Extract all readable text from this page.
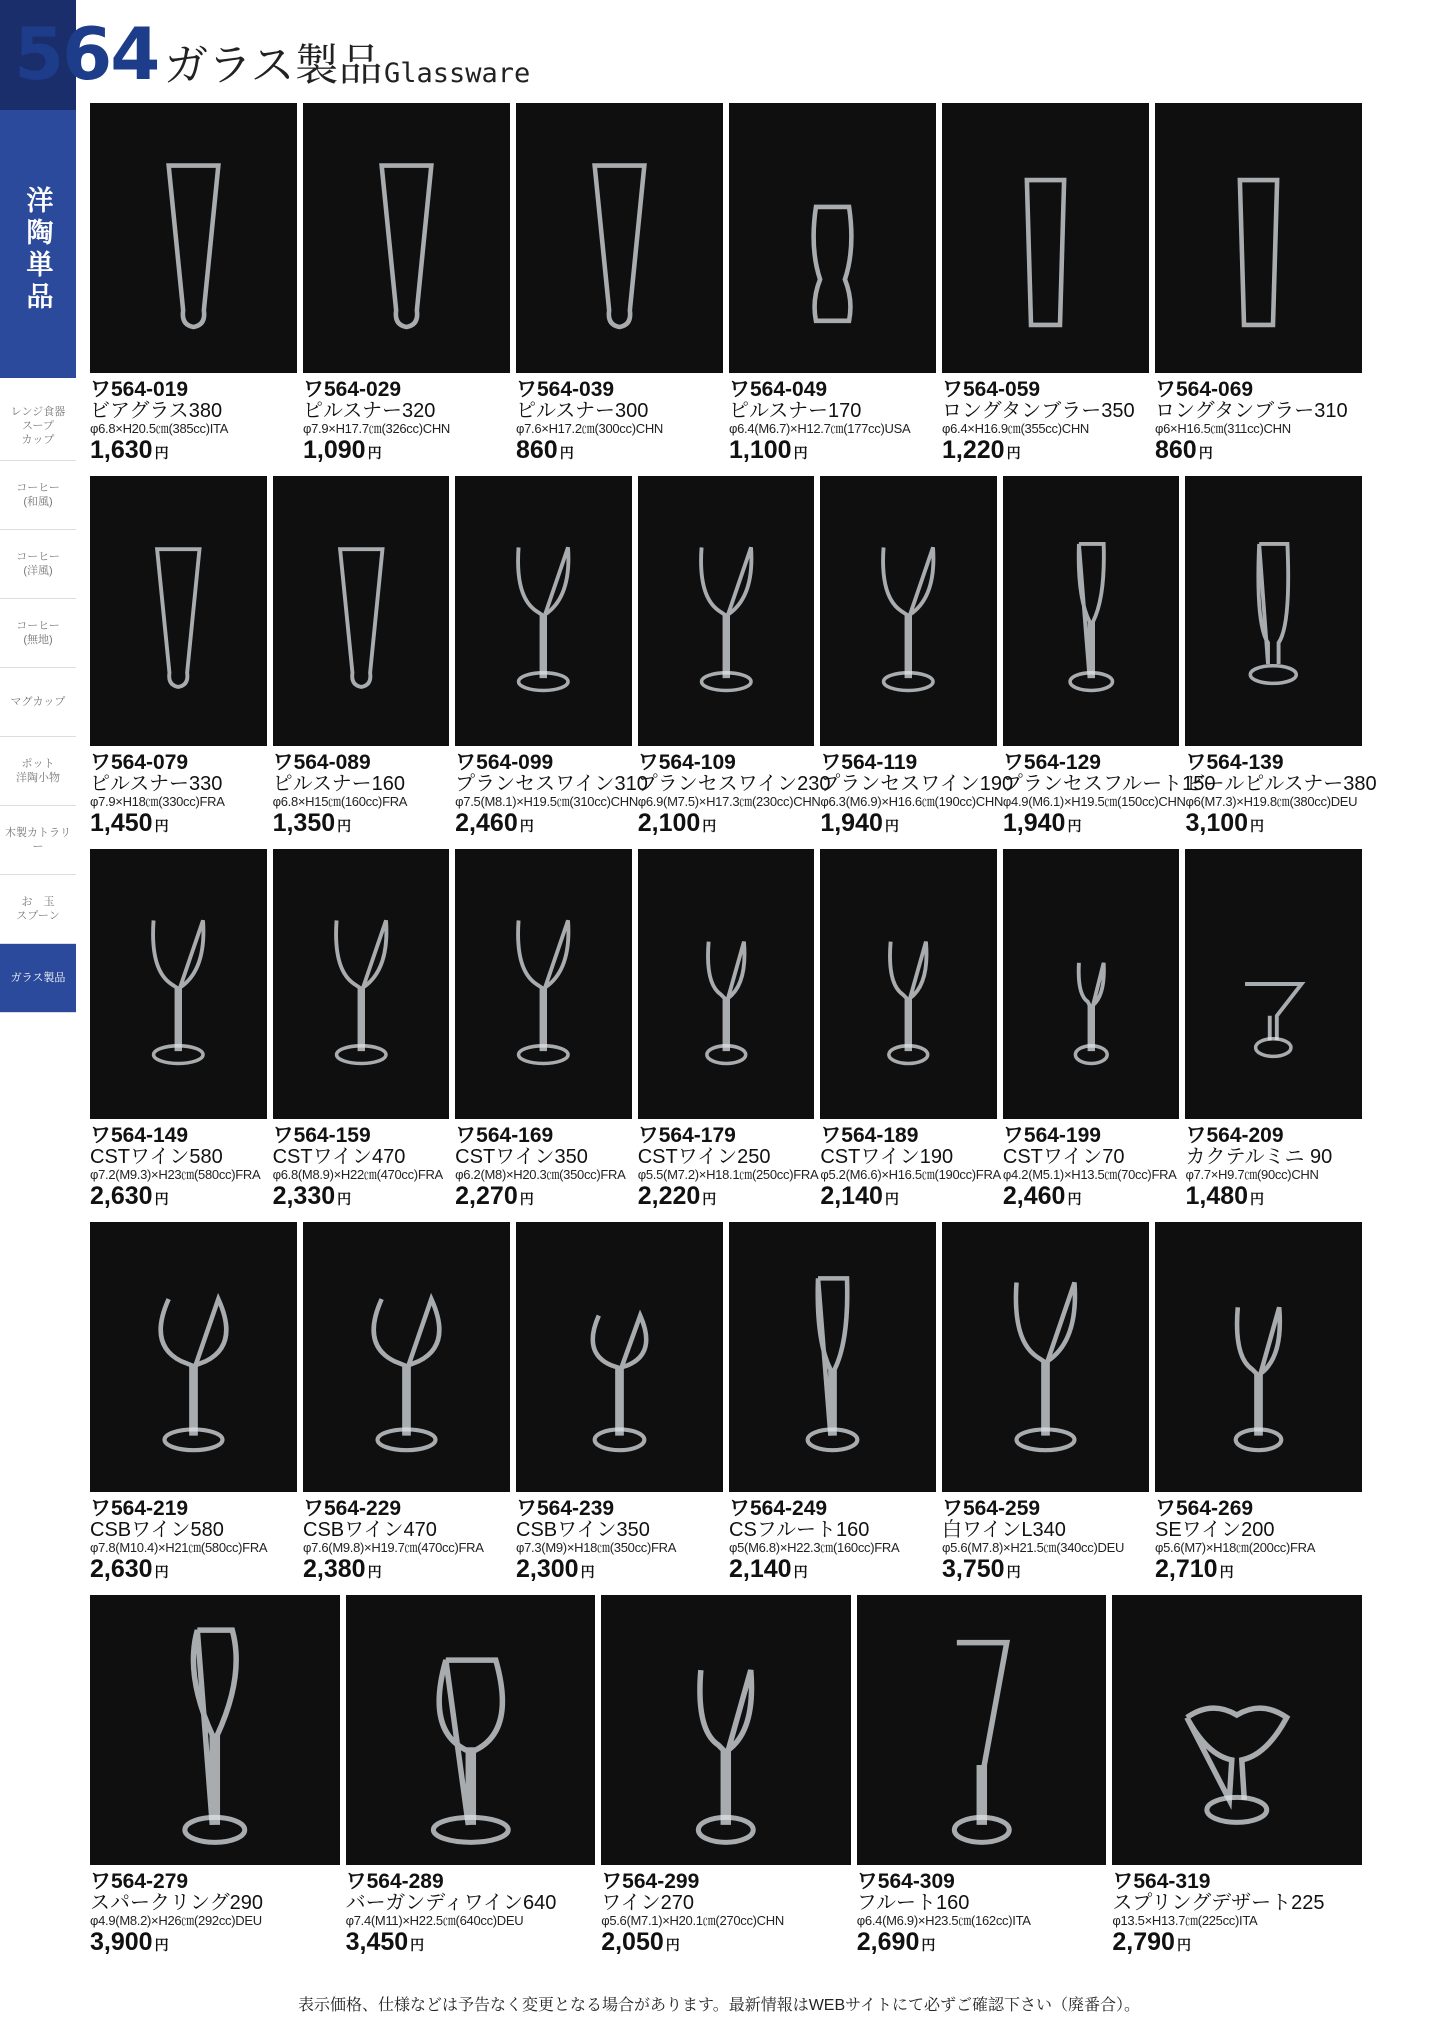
564 ガラス製品 Glassware
洋陶単品
レンジ食器
スープ
カップ
コーヒー
(和風)
コーヒー
(洋風)
コーヒー
(無地)
マグカップ
ポット
洋陶小物
木製カトラリー
お　玉
スプーン
ガラス製品
ワ564-019
ビアグラス380
φ6.8×H20.5㎝(385cc)ITA
1,630 円
ワ564-029
ピルスナー320
φ7.9×H17.7㎝(326cc)CHN
1,090 円
ワ564-039
ピルスナー300
φ7.6×H17.2㎝(300cc)CHN
860 円
ワ564-049
ピルスナー170
φ6.4(M6.7)×H12.7㎝(177cc)USA
1,100 円
ワ564-059
ロングタンブラー350
φ6.4×H16.9㎝(355cc)CHN
1,220 円
ワ564-069
ロングタンブラー310
φ6×H16.5㎝(311cc)CHN
860 円
ワ564-079
ピルスナー330
φ7.9×H18㎝(330cc)FRA
1,450 円
ワ564-089
ピルスナー160
φ6.8×H15㎝(160cc)FRA
1,350 円
ワ564-099
プランセスワイン310
φ7.5(M8.1)×H19.5㎝(310cc)CHN
2,460 円
ワ564-109
プランセスワイン230
φ6.9(M7.5)×H17.3㎝(230cc)CHN
2,100 円
ワ564-119
プランセスワイン190
φ6.3(M6.9)×H16.6㎝(190cc)CHN
1,940 円
ワ564-129
プランセスフルート150
φ4.9(M6.1)×H19.5㎝(150cc)CHN
1,940 円
ワ564-139
ビールピルスナー380
φ6(M7.3)×H19.8㎝(380cc)DEU
3,100 円
ワ564-149
CSTワイン580
φ7.2(M9.3)×H23㎝(580cc)FRA
2,630 円
ワ564-159
CSTワイン470
φ6.8(M8.9)×H22㎝(470cc)FRA
2,330 円
ワ564-169
CSTワイン350
φ6.2(M8)×H20.3㎝(350cc)FRA
2,270 円
ワ564-179
CSTワイン250
φ5.5(M7.2)×H18.1㎝(250cc)FRA
2,220 円
ワ564-189
CSTワイン190
φ5.2(M6.6)×H16.5㎝(190cc)FRA
2,140 円
ワ564-199
CSTワイン70
φ4.2(M5.1)×H13.5㎝(70cc)FRA
2,460 円
ワ564-209
カクテルミニ 90
φ7.7×H9.7㎝(90cc)CHN
1,480 円
ワ564-219
CSBワイン580
φ7.8(M10.4)×H21㎝(580cc)FRA
2,630 円
ワ564-229
CSBワイン470
φ7.6(M9.8)×H19.7㎝(470cc)FRA
2,380 円
ワ564-239
CSBワイン350
φ7.3(M9)×H18㎝(350cc)FRA
2,300 円
ワ564-249
CSフルート160
φ5(M6.8)×H22.3㎝(160cc)FRA
2,140 円
ワ564-259
白ワインL340
φ5.6(M7.8)×H21.5㎝(340cc)DEU
3,750 円
ワ564-269
SEワイン200
φ5.6(M7)×H18㎝(200cc)FRA
2,710 円
ワ564-279
スパークリング290
φ4.9(M8.2)×H26㎝(292cc)DEU
3,900 円
ワ564-289
バーガンディワイン640
φ7.4(M11)×H22.5㎝(640cc)DEU
3,450 円
ワ564-299
ワイン270
φ5.6(M7.1)×H20.1㎝(270cc)CHN
2,050 円
ワ564-309
フルート160
φ6.4(M6.9)×H23.5㎝(162cc)ITA
2,690 円
ワ564-319
スプリングデザート225
φ13.5×H13.7㎝(225cc)ITA
2,790 円
表示価格、仕様などは予告なく変更となる場合があります。最新情報はWEBサイトにて必ずご確認下さい（廃番合）。
